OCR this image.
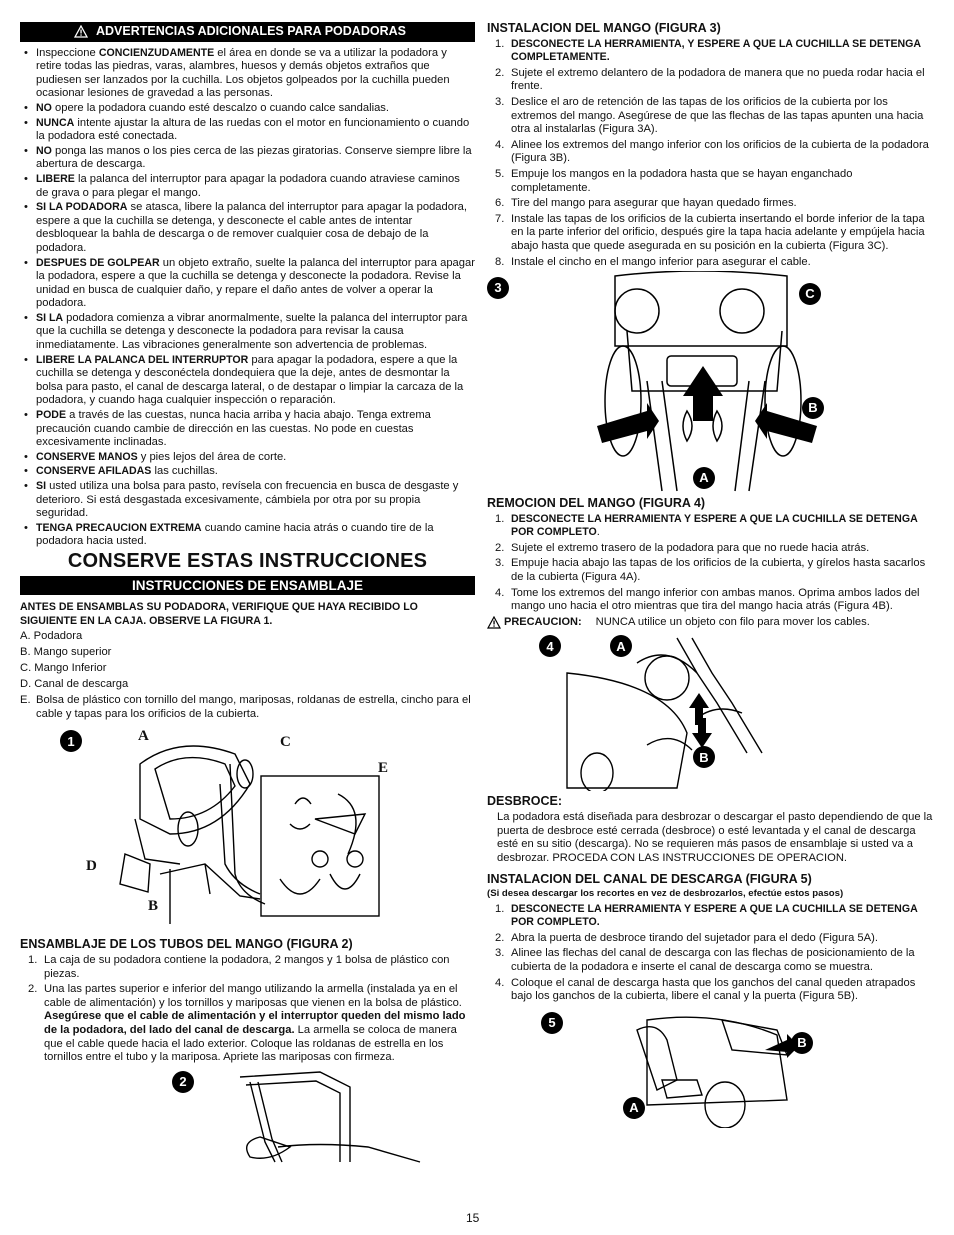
ADVERTENCIAS ADICIONALES PARA PODADORAS
• Inspeccione CONCIENZUDAMENTE el área en donde se va a utilizar la podadora y retire todas las piedras, varas, alambres, huesos y demás objetos extraños que pudiesen ser lanzados por la cuchilla. Los objetos golpeados por la cuchilla pueden ocasionar lesiones de gravedad a las personas.
• NO opere la podadora cuando esté descalzo o cuando calce sandalias.
• NUNCA intente ajustar la altura de las ruedas con el motor en funcionamiento o cuando la podadora esté conectada.
• NO ponga las manos o los pies cerca de las piezas giratorias. Conserve siempre libre la abertura de descarga.
• LIBERE la palanca del interruptor para apagar la podadora cuando atraviese caminos de grava o para plegar el mango.
• SI LA PODADORA se atasca, libere la palanca del interruptor para apagar la podadora, espere a que la cuchilla se detenga, y desconecte el cable antes de intentar desbloquear la bahla de descarga o de remover cualquier cosa de debajo de la podadora.
• DESPUES DE GOLPEAR un objeto extraño, suelte la palanca del interruptor para apagar la podadora, espere a que la cuchilla se detenga y desconecte la podadora. Revise la unidad en busca de cualquier daño, y repare el daño antes de volver a operar la podadora.
• SI LA podadora comienza a vibrar anormalmente, suelte la palanca del interruptor para que la cuchilla se detenga y desconecte la podadora para revisar la causa inmediatamente. Las vibraciones generalmente son advertencia de problemas.
• LIBERE LA PALANCA DEL INTERRUPTOR para apagar la podadora, espere a que la cuchilla se detenga y desconéctela dondequiera que la deje, antes de desmontar la bolsa para pasto, el canal de descarga lateral, o de destapar o limpiar la carcaza de la podadora, y cuando haga cualquier inspección o reparación.
• PODE a través de las cuestas, nunca hacia arriba y hacia abajo. Tenga extrema precaución cuando cambie de dirección en las cuestas. No pode en cuestas excesivamente inclinadas.
• CONSERVE MANOS y pies lejos del área de corte.
• CONSERVE AFILADAS las cuchillas.
• SI usted utiliza una bolsa para pasto, revísela con frecuencia en busca de desgaste y deterioro. Si está desgastada excesivamente, cámbiela por otra por su propia seguridad.
• TENGA PRECAUCION EXTREMA cuando camine hacia atrás o cuando tire de la podadora hacia usted.
CONSERVE ESTAS INSTRUCCIONES
INSTRUCCIONES DE ENSAMBLAJE
ANTES DE ENSAMBLAS SU PODADORA, VERIFIQUE QUE HAYA RECIBIDO LO SIGUIENTE EN LA CAJA. OBSERVE LA FIGURA 1.
A. Podadora
B. Mango superior
C. Mango Inferior
D. Canal de descarga
E. Bolsa de plástico con tornillo del mango, mariposas, roldanas de estrella, cincho para el cable y tapas para los orificios de la cubierta.
1	A	C
E
D
B
ENSAMBLAJE DE LOS TUBOS DEL MANGO (FIGURA 2)
1. La caja de su podadora contiene la podadora, 2 mangos y 1 bolsa de plástico con piezas.
2. Una las partes superior e inferior del mango utilizando la armella (instalada ya en el cable de alimentación) y los tornillos y mariposas que vienen en la bolsa de plástico. Asegúrese que el cable de alimentación y el interruptor queden del mismo lado de la podadora, del lado del canal de descarga. La armella se coloca de manera que el cable quede hacia el lado exterior. Coloque las roldanas de estrella en los tornillos entre el tubo y la mariposa. Apriete las mariposas con firmeza.
2
INSTALACION DEL MANGO (FIGURA 3)
1. DESCONECTE LA HERRAMIENTA, Y ESPERE A QUE LA CUCHILLA SE DETENGA COMPLETAMENTE.
2. Sujete el extremo delantero de la podadora de manera que no pueda rodar hacia el frente.
3. Deslice el aro de retención de las tapas de los orificios de la cubierta por los extremos del mango. Asegúrese de que las flechas de las tapas apunten una hacia otra al instalarlas (Figura 3A).
4. Alinee los extremos del mango inferior con los orificios de la cubierta de la podadora (Figura 3B).
5. Empuje los mangos en la podadora hasta que se hayan enganchado completamente.
6. Tire del mango para asegurar que hayan quedado firmes.
7. Instale las tapas de los orificios de la cubierta insertando el borde inferior de la tapa en la parte inferior del orificio, después gire la tapa hacia adelante y empújela hacia abajo hasta que quede asegurada en su posición en la cubierta (Figura 3C).
8. Instale el cincho en el mango inferior para asegurar el cable.
3	C
B
A
REMOCION DEL MANGO (FIGURA 4)
1. DESCONECTE LA HERRAMIENTA Y ESPERE A QUE LA CUCHILLA SE DETENGA POR COMPLETO.
2. Sujete el extremo trasero de la podadora para que no ruede hacia atrás.
3. Empuje hacia abajo las tapas de los orificios de la cubierta, y gírelos hasta sacarlos de la cubierta (Figura 4A).
4. Tome los extremos del mango inferior con ambas manos. Oprima ambos lados del mango uno hacia el otro mientras que tira del mango hacia atrás (Figura 4B).
PRECAUCION: NUNCA utilice un objeto con filo para mover los cables.
4	A
B
DESBROCE:

La podadora está diseñada para desbrozar o descargar el pasto dependiendo de que la puerta de desbroce esté cerrada (desbroce) o esté levantada y el canal de descarga esté en su sitio (descarga). No se requieren más pasos de ensamblaje si usted va a desbrozar. PROCEDA CON LAS INSTRUCCIONES DE OPERACION.

INSTALACION DEL CANAL DE DESCARGA (FIGURA 5)
(Si desea descargar los recortes en vez de desbrozarlos, efectúe estos pasos)
1. DESCONECTE LA HERRAMIENTA Y ESPERE A QUE LA CUCHILLA SE DETENGA POR COMPLETO.
2. Abra la puerta de desbroce tirando del sujetador para el dedo (Figura 5A).
3. Alinee las flechas del canal de descarga con las flechas de posicionamiento de la cubierta de la podadora e inserte el canal de descarga como se muestra.
4. Coloque el canal de descarga hasta que los ganchos del canal queden atrapados bajo los ganchos de la cubierta, libere el canal y la puerta (Figura 5B).
5
B
A
15
